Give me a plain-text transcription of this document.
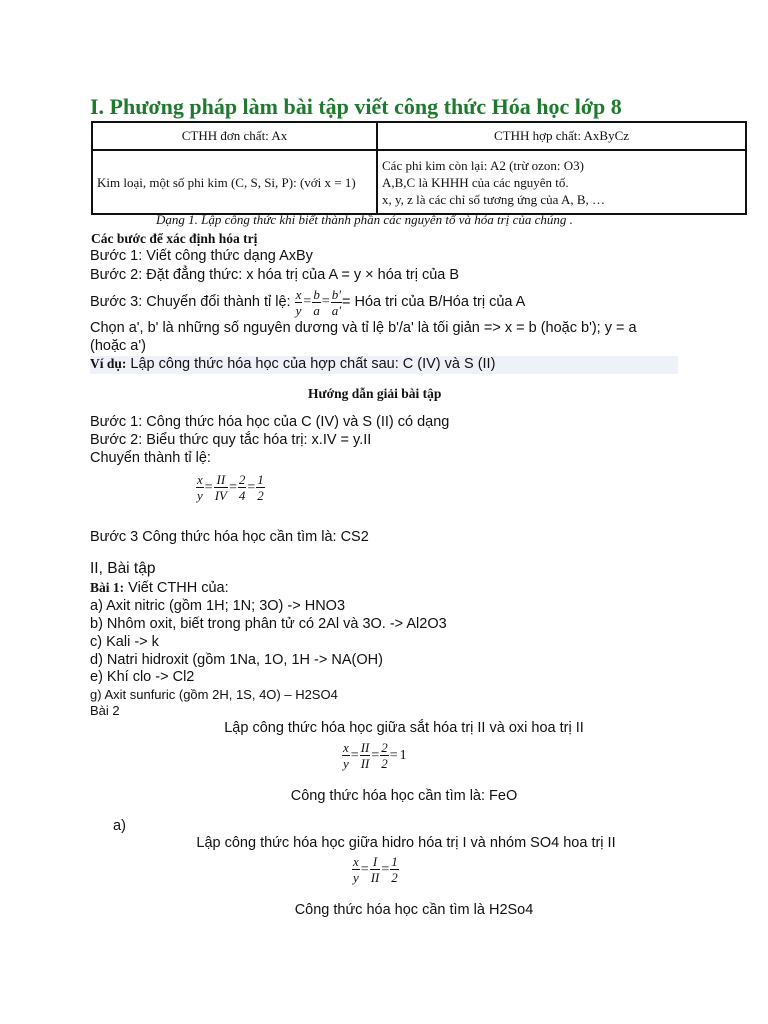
I. Phương pháp làm bài tập viết công thức Hóa học lớp 8
CTHH đơn chất: Ax	CTHH hợp chất: AxByCz
Kim loại, một số phi kim (C, S, Si, P): (với x = 1)	Các phi kim còn lại: A2 (trừ ozon: O3)
A,B,C là KHHH của các nguyên tố.
x, y, z là các chỉ số tương ứng của A, B, …
Dạng 1. Lập công thức khi biết thành phần các nguyên tố và hóa trị của chúng .
Các bước để xác định hóa trị
Bước 1: Viết công thức dạng AxBy
Bước 2: Đặt đẳng thức: x hóa trị của A = y × hóa trị của B
Bước 3: Chuyển đổi thành tỉ lệ: $\frac{x}{y} = \frac{b}{a} = \frac{b'}{a'}$ = Hóa tri của B/Hóa trị của A
Chọn a', b' là những số nguyên dương và tỉ lệ b'/a' là tối giản => x = b (hoặc b'); y = a
(hoặc a')
Ví dụ: Lập công thức hóa học của hợp chất sau: C (IV) và S (II)
Hướng dẫn giải bài tập
Bước 1: Công thức hóa học của C (IV) và S (II) có dạng
Bước 2: Biểu thức quy tắc hóa trị: x.IV = y.II
Chuyển thành tỉ lệ:
$\frac{x}{y} = \frac{II}{IV} = \frac{2}{4} = \frac{1}{2}$
Bước 3 Công thức hóa học cần tìm là: CS2
II, Bài tập
Bài 1: Viết CTHH của:
a) Axit nitric (gồm 1H; 1N; 3O) -> HNO3
b) Nhôm oxit, biết trong phân tử có 2Al và 3O. -> Al2O3
c) Kali -> k
d) Natri hidroxit (gồm 1Na, 1O, 1H -> NA(OH)
e) Khí clo -> Cl2
g) Axit sunfuric (gồm 2H, 1S, 4O) – H2SO4
Bài 2
Lập công thức hóa học giữa sắt hóa trị II và oxi hoa trị II
$\frac{x}{y} = \frac{II}{II} = \frac{2}{2} = 1$
Công thức hóa học cần tìm là: FeO
a)
Lập công thức hóa học giữa hidro hóa trị I và nhóm SO4 hoa trị II
$\frac{x}{y} = \frac{I}{II} = \frac{1}{2}$
Công thức hóa học cần tìm là H2So4
